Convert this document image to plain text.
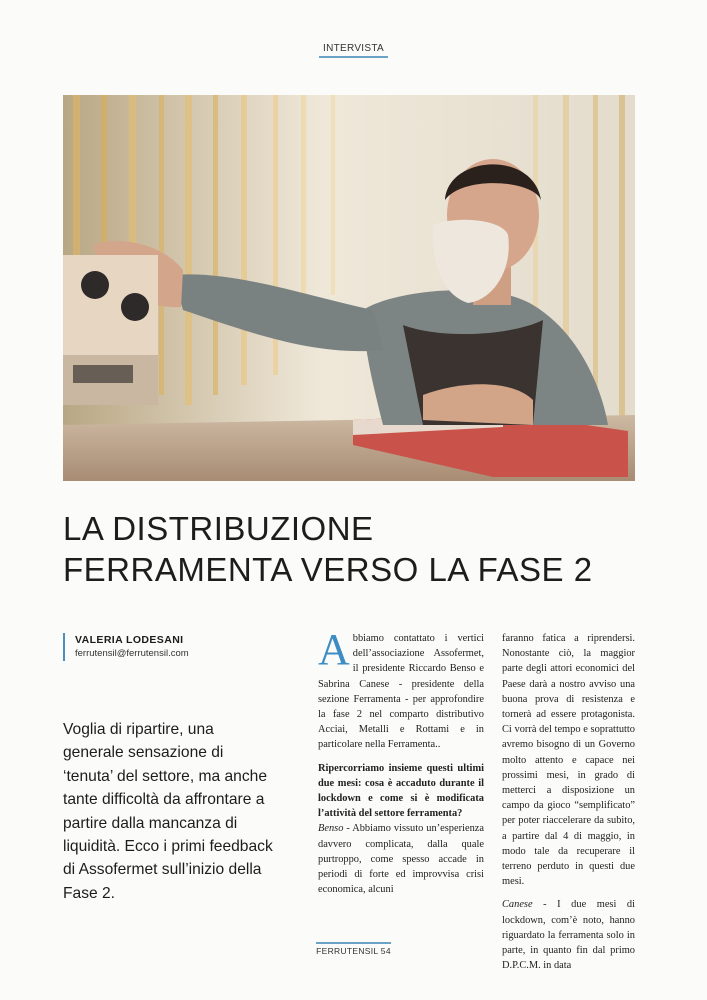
INTERVISTA
LA DISTRIBUZIONE
FERRAMENTA VERSO LA FASE 2
VALERIA LODESANI
ferrutensil@ferrutensil.com

Voglia di ripartire, una generale sensazione di ‘tenuta’ del settore, ma anche tante difficoltà da affrontare a partire dalla mancanza di liquidità. Ecco i primi feedback di Assofermet sull’inizio della Fase 2.

Abbiamo contattato i vertici dell’associazione Assofermet, il presidente Riccardo Benso e Sabrina Canese - presidente della sezione Ferramenta - per approfondire la fase 2 nel comparto distributivo Acciai, Metalli e Rottami e in particolare nella Ferramenta..

Ripercorriamo insieme questi ultimi due mesi: cosa è accaduto durante il lockdown e come si è modificata l’attività del settore ferramenta?

Benso - Abbiamo vissuto un’esperienza davvero complicata, dalla quale purtroppo, come spesso accade in periodi di forte ed improvvisa crisi economica, alcuni

faranno fatica a riprendersi. Nonostante ciò, la maggior parte degli attori economici del Paese darà a nostro avviso una buona prova di resistenza e tornerà ad essere protagonista. Ci vorrà del tempo e soprattutto avremo bisogno di un Governo molto attento e capace nei prossimi mesi, in grado di metterci a disposizione un campo da gioco “semplificato” per poter riaccelerare da subito, a partire dal 4 di maggio, in modo tale da recuperare il terreno perduto in questi due mesi.

Canese - I due mesi di lockdown, com’è noto, hanno riguardato la ferramenta solo in parte, in quanto fin dal primo D.P.C.M. in data

FERRUTENSIL 54
